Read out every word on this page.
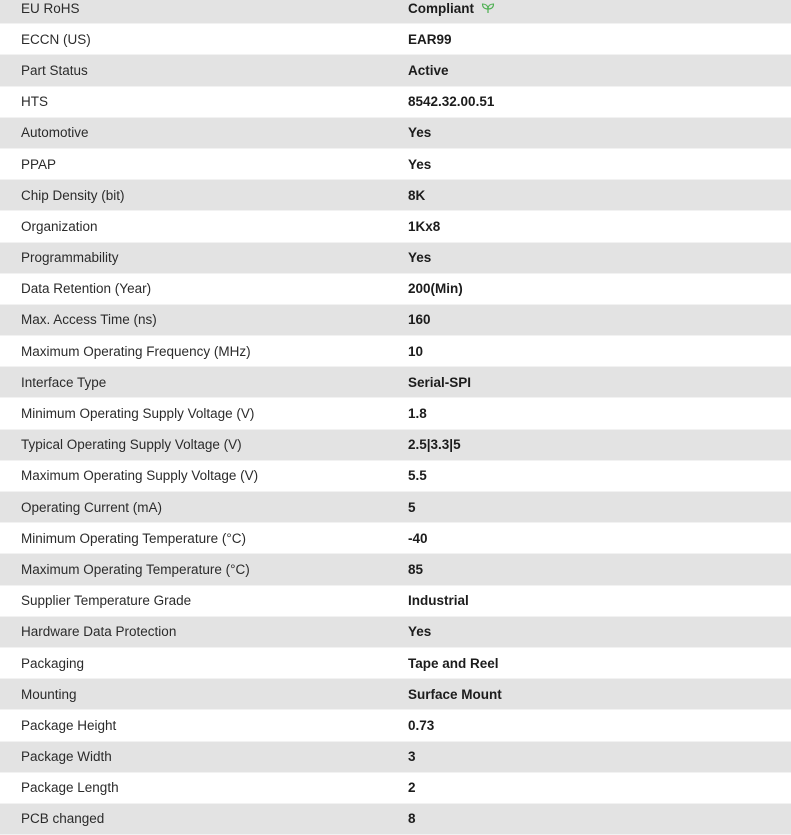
EU RoHS	Compliant
ECCN (US)	EAR99
Part Status	Active
HTS	8542.32.00.51
Automotive	Yes
PPAP	Yes
Chip Density (bit)	8K
Organization	1Kx8
Programmability	Yes
Data Retention (Year)	200(Min)
Max. Access Time (ns)	160
Maximum Operating Frequency (MHz)	10
Interface Type	Serial-SPI
Minimum Operating Supply Voltage (V)	1.8
Typical Operating Supply Voltage (V)	2.5|3.3|5
Maximum Operating Supply Voltage (V)	5.5
Operating Current (mA)	5
Minimum Operating Temperature (°C)	-40
Maximum Operating Temperature (°C)	85
Supplier Temperature Grade	Industrial
Hardware Data Protection	Yes
Packaging	Tape and Reel
Mounting	Surface Mount
Package Height	0.73
Package Width	3
Package Length	2
PCB changed	8
